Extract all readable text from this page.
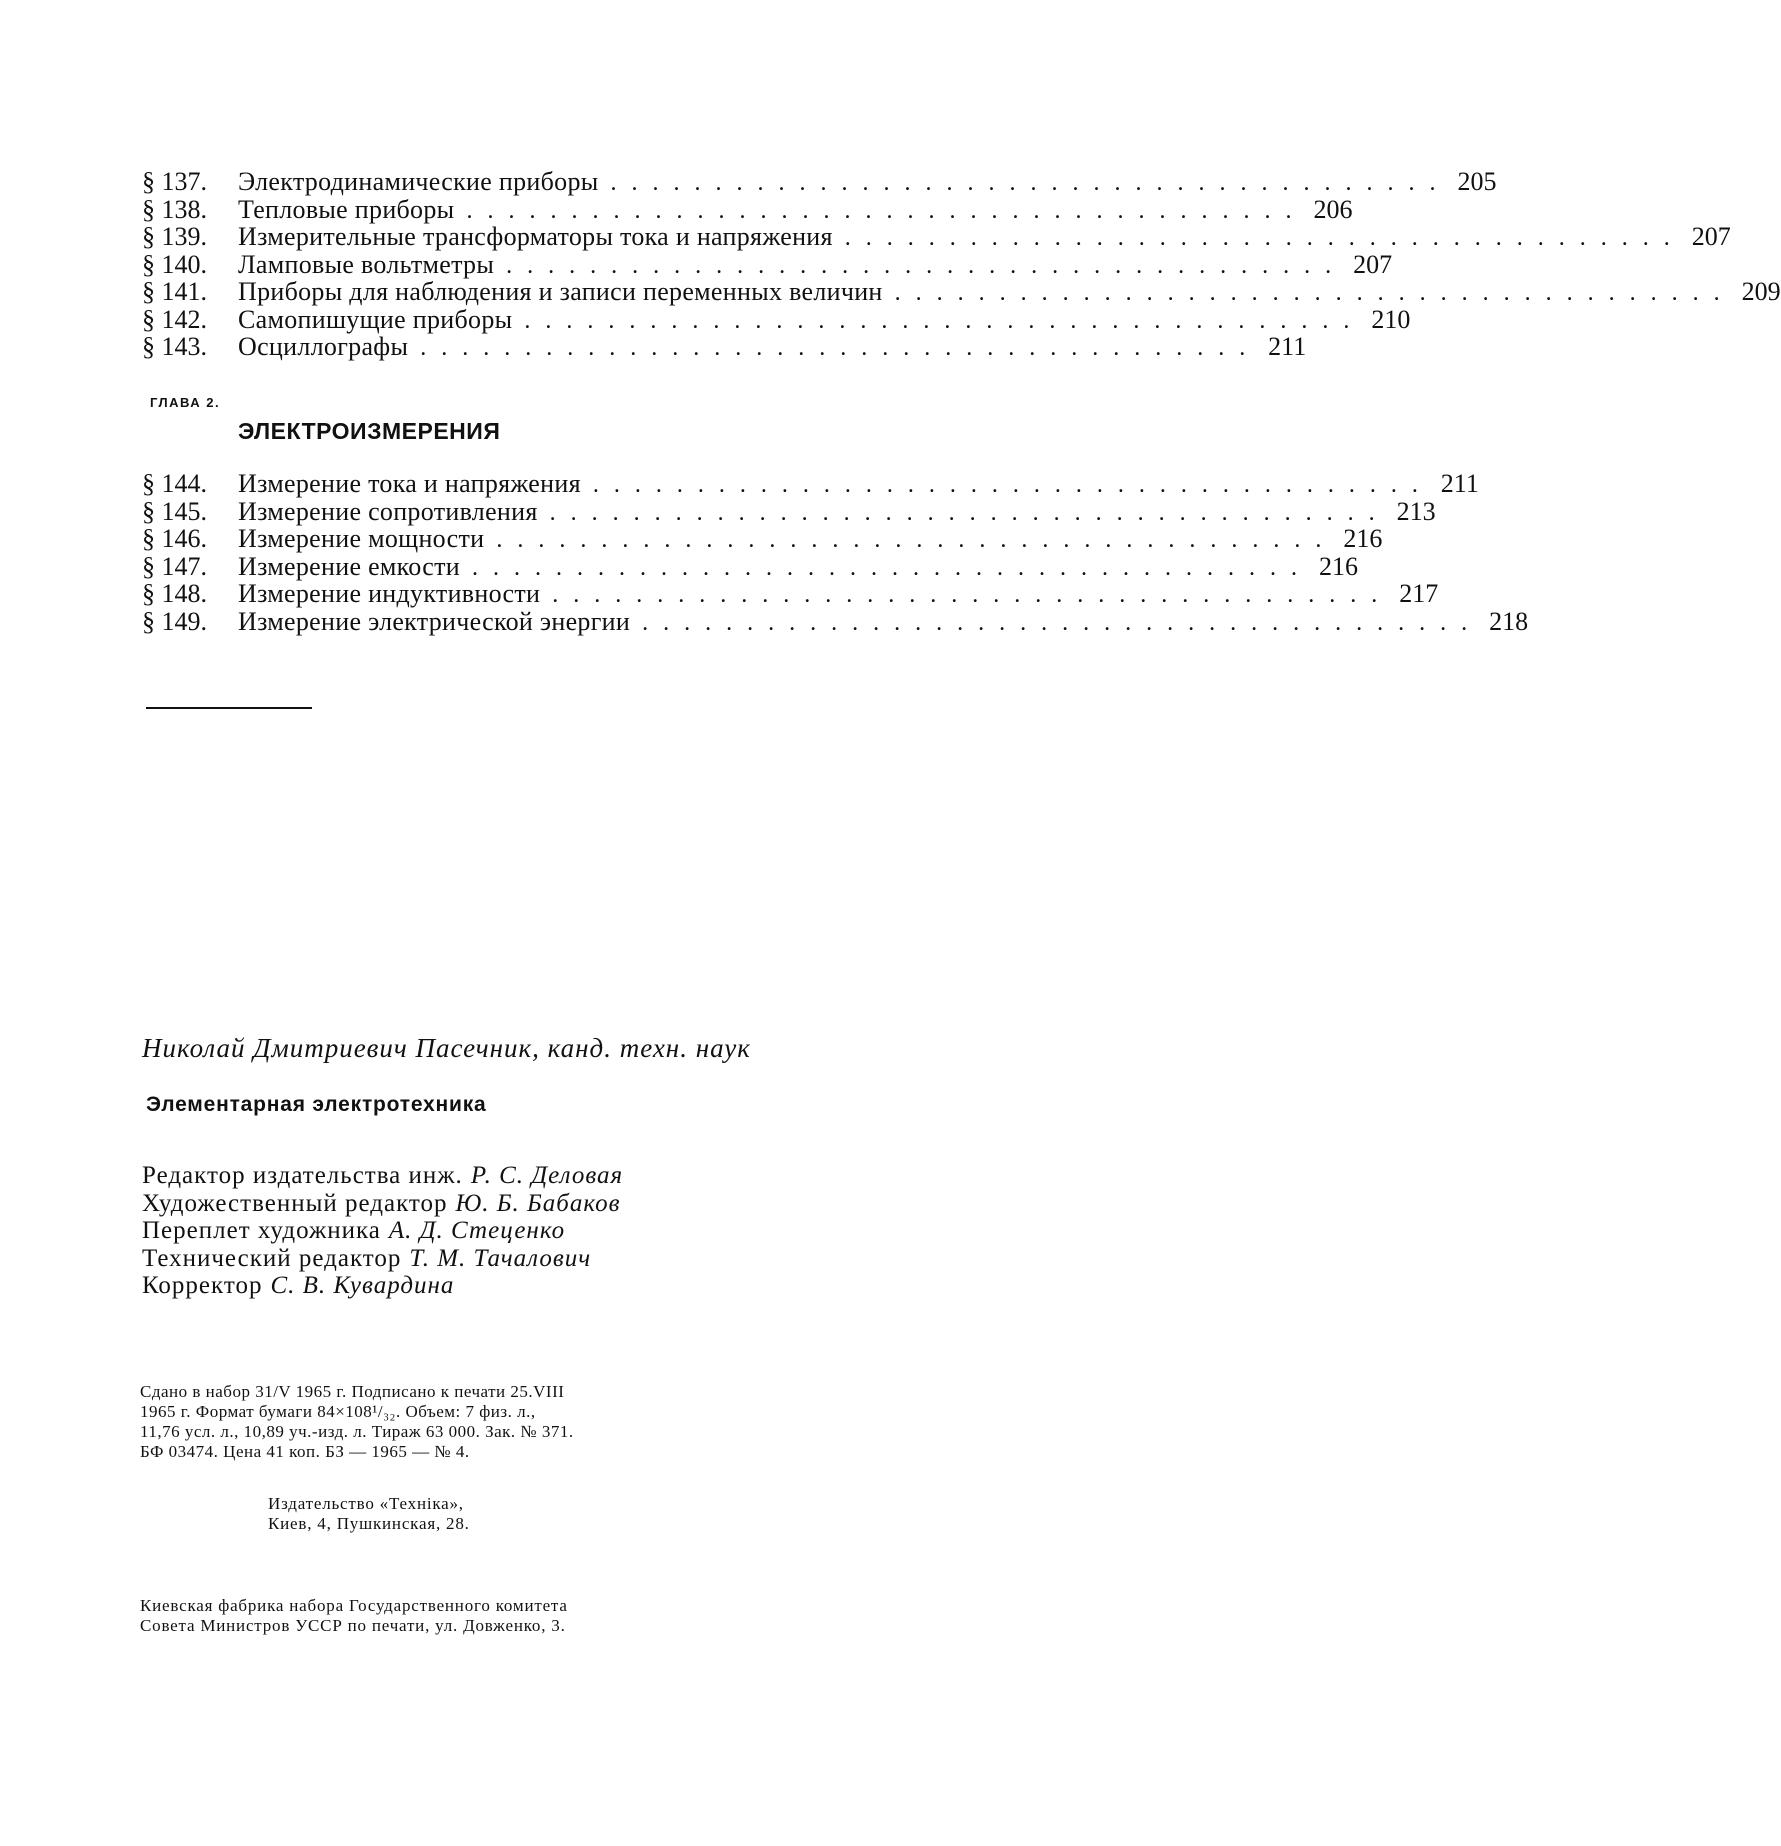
§ 137.	Электродинамические приборы ........................................ 205
§ 138.	Тепловые приборы ........................................ 206
§ 139.	Измерительные трансформаторы тока и напряжения ........................................ 207
§ 140.	Ламповые вольтметры ........................................ 207
§ 141.	Приборы для наблюдения и записи переменных величин ........................................ 209
§ 142.	Самопишущие приборы ........................................ 210
§ 143.	Осциллографы ........................................ 211
ГЛАВА 2.
ЭЛЕКТРОИЗМЕРЕНИЯ
§ 144.	Измерение тока и напряжения ........................................ 211
§ 145.	Измерение сопротивления ........................................ 213
§ 146.	Измерение мощности ........................................ 216
§ 147.	Измерение емкости ........................................ 216
§ 148.	Измерение индуктивности ........................................ 217
§ 149.	Измерение электрической энергии ........................................ 218
Николай Дмитриевич Пасечник, канд. техн. наук
Элементарная электротехника
Редактор издательства инж. Р. С. Деловая
Художественный редактор Ю. Б. Бабаков
Переплет художника А. Д. Стеценко
Технический редактор Т. М. Тачалович
Корректор С. В. Кувардина
Сдано в набор 31/V 1965 г. Подписано к печати 25.VIII
1965 г. Формат бумаги 84×108¹/₃₂. Объем: 7 физ. л.,
11,76 усл. л., 10,89 уч.-изд. л. Тираж 63 000. Зак. № 371.
БФ 03474. Цена 41 коп. БЗ — 1965 — № 4.
Издательство «Техніка»,
Киев, 4, Пушкинская, 28.
Киевская фабрика набора Государственного комитета
Совета Министров УССР по печати, ул. Довженко, 3.
